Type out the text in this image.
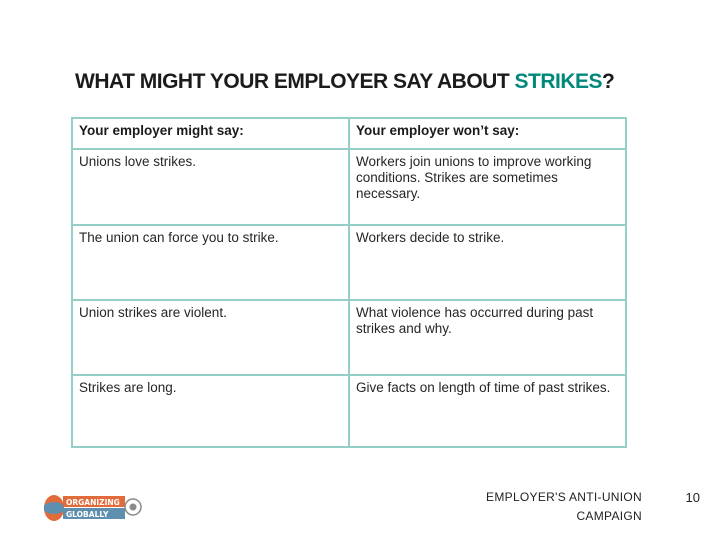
WHAT MIGHT YOUR EMPLOYER SAY ABOUT STRIKES?
Your employer might say:	Your employer won’t say:
Unions love strikes.	Workers join unions to improve working conditions. Strikes are sometimes necessary.
The union can force you to strike.	Workers decide to strike.
Union strikes are violent.	What violence has occurred during past strikes and why.
Strikes are long.	Give facts on length of time of past strikes.
ORGANIZING
GLOBALLY
EMPLOYER'S ANTI-UNION
CAMPAIGN
10
